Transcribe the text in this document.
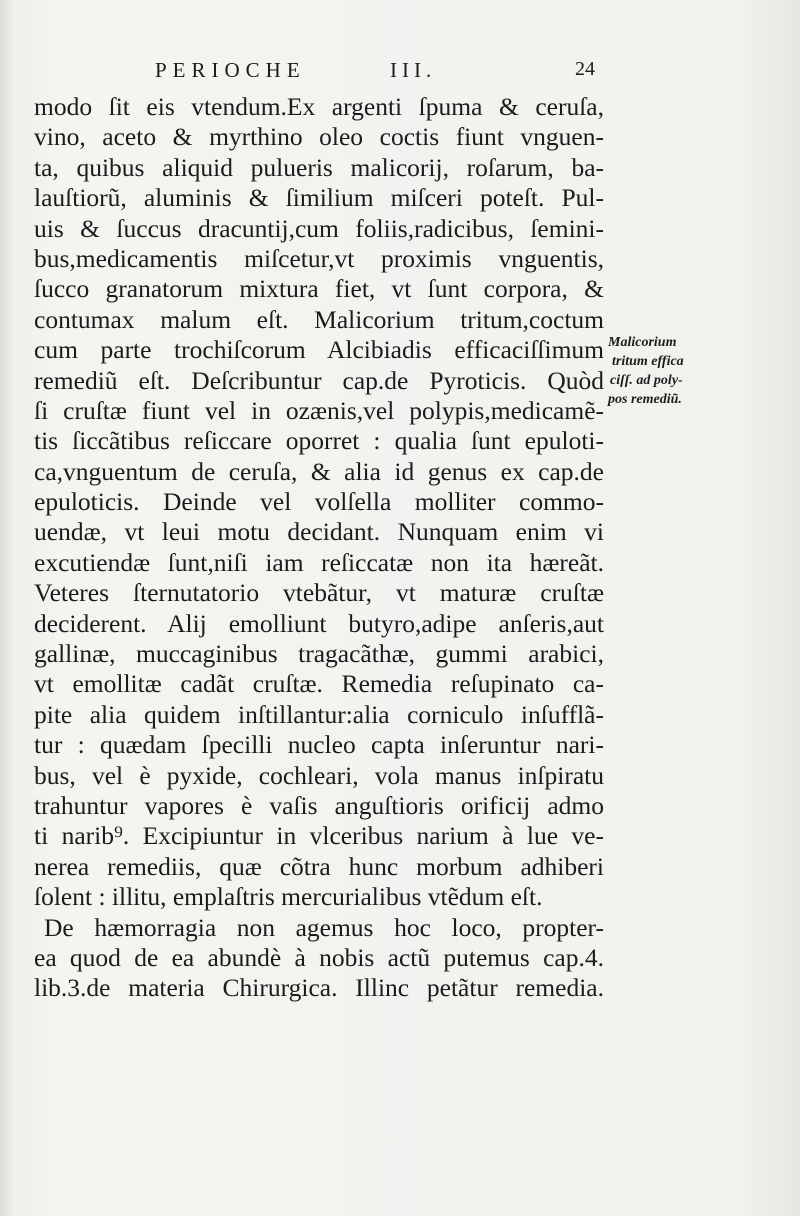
PERIOCHE	III.	24
modo ſit eis vtendum.Ex argenti ſpuma & ceruſa,
vino, aceto & myrthino oleo coctis fiunt vnguen-
ta, quibus aliquid pulueris malicorij, roſarum, ba-
lauſtiorũ, aluminis & ſimilium miſceri poteſt. Pul-
uis & ſuccus dracuntij,cum foliis,radicibus, ſemini-
bus,medicamentis miſcetur,vt proximis vnguentis,
ſucco granatorum mixtura fiet, vt ſunt corpora, &
contumax malum eſt. Malicorium tritum,coctum
cum parte trochiſcorum Alcibiadis efficaciſſimum
remediũ eſt. Deſcribuntur cap.de Pyroticis. Quòd
ſi cruſtæ fiunt vel in ozænis,vel polypis,medicamẽ-
tis ſiccãtibus reſiccare oporret : qualia ſunt epuloti-
ca,vnguentum de ceruſa, & alia id genus ex cap.de
epuloticis. Deinde vel volſella molliter commo-
uendæ, vt leui motu decidant. Nunquam enim vi
excutiendæ ſunt,niſi iam reſiccatæ non ita hæreãt.
Veteres ſternutatorio vtebãtur, vt maturæ cruſtæ
deciderent. Alij emolliunt butyro,adipe anſeris,aut
gallinæ, muccaginibus tragacãthæ, gummi arabici,
vt emollitæ cadãt cruſtæ. Remedia reſupinato ca-
pite alia quidem inſtillantur:alia corniculo inſufflã-
tur : quædam ſpecilli nucleo capta inſeruntur nari-
bus, vel è pyxide, cochleari, vola manus inſpiratu
trahuntur vapores è vaſis anguſtioris orificij admo
ti narib⁹. Excipiuntur in vlceribus narium à lue ve-
nerea remediis, quæ cõtra hunc morbum adhiberi
ſolent : illitu, emplaſtris mercurialibus vtẽdum eſt.
De hæmorragia non agemus hoc loco, propter-
ea quod de ea abundè à nobis actũ putemus cap.4.
lib.3.de materia Chirurgica. Illinc petãtur remedia.
Malicorium
tritum effica
ciſſ. ad poly-
pos remediũ.
